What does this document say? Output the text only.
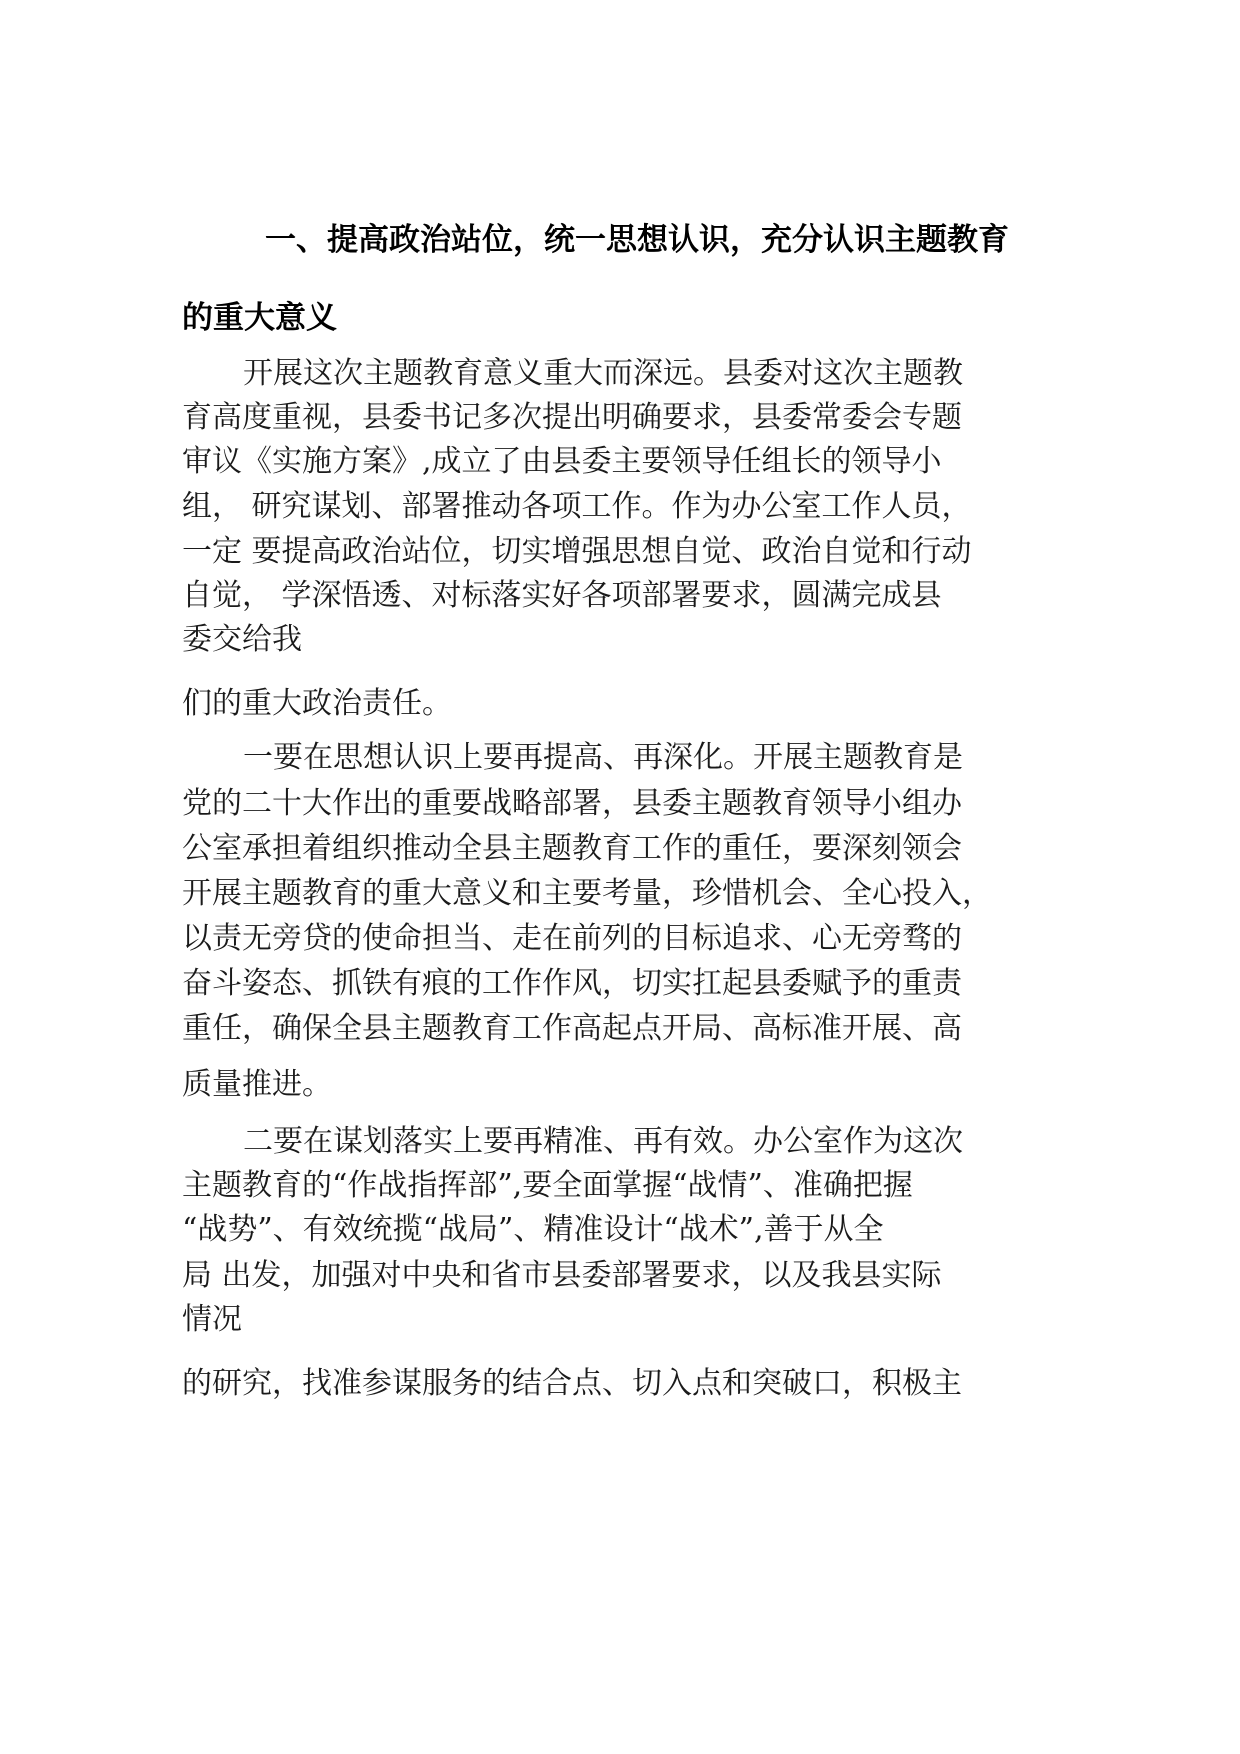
一、提高政治站位，统一思想认识，充分认识主题教育
的重大意义
开展这次主题教育意义重大而深远。县委对这次主题教
育高度重视，县委书记多次提出明确要求，县委常委会专题
审议《实施方案》,成立了由县委主要领导任组长的领导小
组， 研究谋划、部署推动各项工作。作为办公室工作人员，
一定 要提高政治站位，切实增强思想自觉、政治自觉和行动
自觉， 学深悟透、对标落实好各项部署要求，圆满完成县
委交给我
们的重大政治责任。
一要在思想认识上要再提高、再深化。开展主题教育是
党的二十大作出的重要战略部署，县委主题教育领导小组办
公室承担着组织推动全县主题教育工作的重任，要深刻领会
开展主题教育的重大意义和主要考量，珍惜机会、全心投入，
以责无旁贷的使命担当、走在前列的目标追求、心无旁骛的
奋斗姿态、抓铁有痕的工作作风，切实扛起县委赋予的重责
重任，确保全县主题教育工作高起点开局、高标准开展、高
质量推进。
二要在谋划落实上要再精准、再有效。办公室作为这次
主题教育的“作战指挥部”,要全面掌握“战情”、准确把握
“战势”、有效统揽“战局”、精准设计“战术”,善于从全
局 出发，加强对中央和省市县委部署要求，以及我县实际
情况
的研究，找准参谋服务的结合点、切入点和突破口，积极主
